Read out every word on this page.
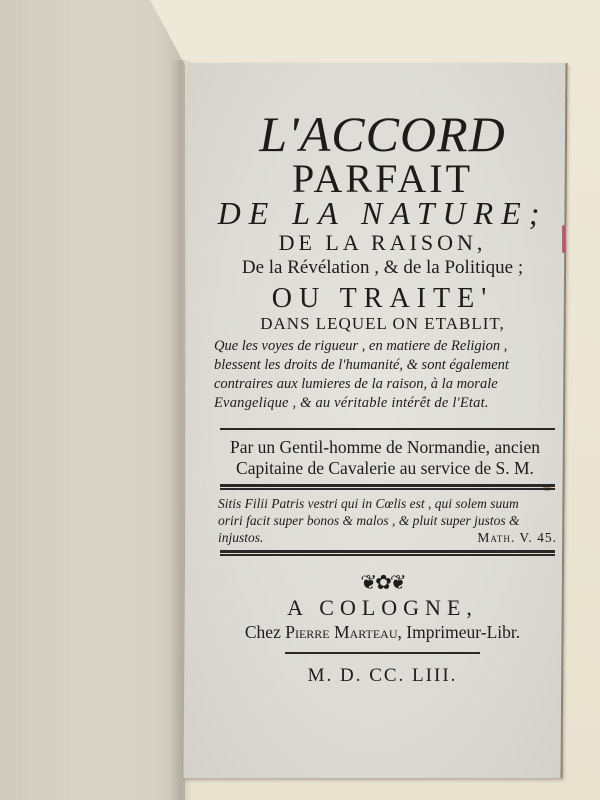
L'ACCORD
PARFAIT
DE LA NATURE;
DE LA RAISON,
De la Révélation , & de la Politique ;
OU TRAITE'
DANS LEQUEL ON ETABLIT,
Que les voyes de rigueur , en matiere de Religion ,
blessent les droits de l'humanité, & sont également
contraires aux lumieres de la raison, à la morale
Evangelique , & au véritable intérêt de l'Etat.
Par un Gentil-homme de Normandie, ancien
Capitaine de Cavalerie au service de S. M.
Sitis Filii Patris vestri qui in Cœlis est , qui solem suum
oriri facit super bonos & malos , & pluit super justos &
injustos.	Math. V. 45.
❦✿❦
A COLOGNE,
Chez Pierre Marteau, Imprimeur-Libr.
M. D. CC. LIII.
